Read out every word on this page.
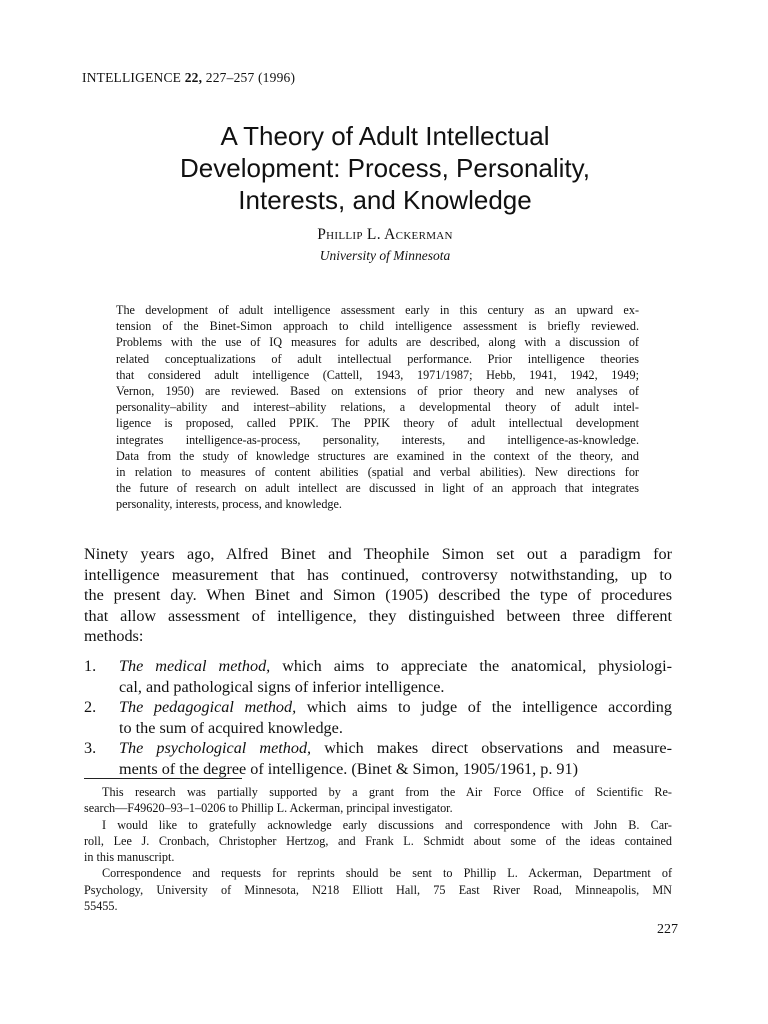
INTELLIGENCE 22, 227–257 (1996)
A Theory of Adult Intellectual
Development: Process, Personality,
Interests, and Knowledge
Phillip L. Ackerman
University of Minnesota
The development of adult intelligence assessment early in this century as an upward ex-
tension of the Binet-Simon approach to child intelligence assessment is briefly reviewed.
Problems with the use of IQ measures for adults are described, along with a discussion of
related conceptualizations of adult intellectual performance. Prior intelligence theories
that considered adult intelligence (Cattell, 1943, 1971/1987; Hebb, 1941, 1942, 1949;
Vernon, 1950) are reviewed. Based on extensions of prior theory and new analyses of
personality–ability and interest–ability relations, a developmental theory of adult intel-
ligence is proposed, called PPIK. The PPIK theory of adult intellectual development
integrates intelligence-as-process, personality, interests, and intelligence-as-knowledge.
Data from the study of knowledge structures are examined in the context of the theory, and
in relation to measures of content abilities (spatial and verbal abilities). New directions for
the future of research on adult intellect are discussed in light of an approach that integrates
personality, interests, process, and knowledge.
Ninety years ago, Alfred Binet and Theophile Simon set out a paradigm for
intelligence measurement that has continued, controversy notwithstanding, up to
the present day. When Binet and Simon (1905) described the type of procedures
that allow assessment of intelligence, they distinguished between three different
methods:
1. The medical method, which aims to appreciate the anatomical, physiologi-
cal, and pathological signs of inferior intelligence.
2. The pedagogical method, which aims to judge of the intelligence according
to the sum of acquired knowledge.
3. The psychological method, which makes direct observations and measure-
ments of the degree of intelligence. (Binet & Simon, 1905/1961, p. 91)
This research was partially supported by a grant from the Air Force Office of Scientific Re-
search—F49620–93–1–0206 to Phillip L. Ackerman, principal investigator.
I would like to gratefully acknowledge early discussions and correspondence with John B. Car-
roll, Lee J. Cronbach, Christopher Hertzog, and Frank L. Schmidt about some of the ideas contained
in this manuscript.
Correspondence and requests for reprints should be sent to Phillip L. Ackerman, Department of
Psychology, University of Minnesota, N218 Elliott Hall, 75 East River Road, Minneapolis, MN
55455.
227
